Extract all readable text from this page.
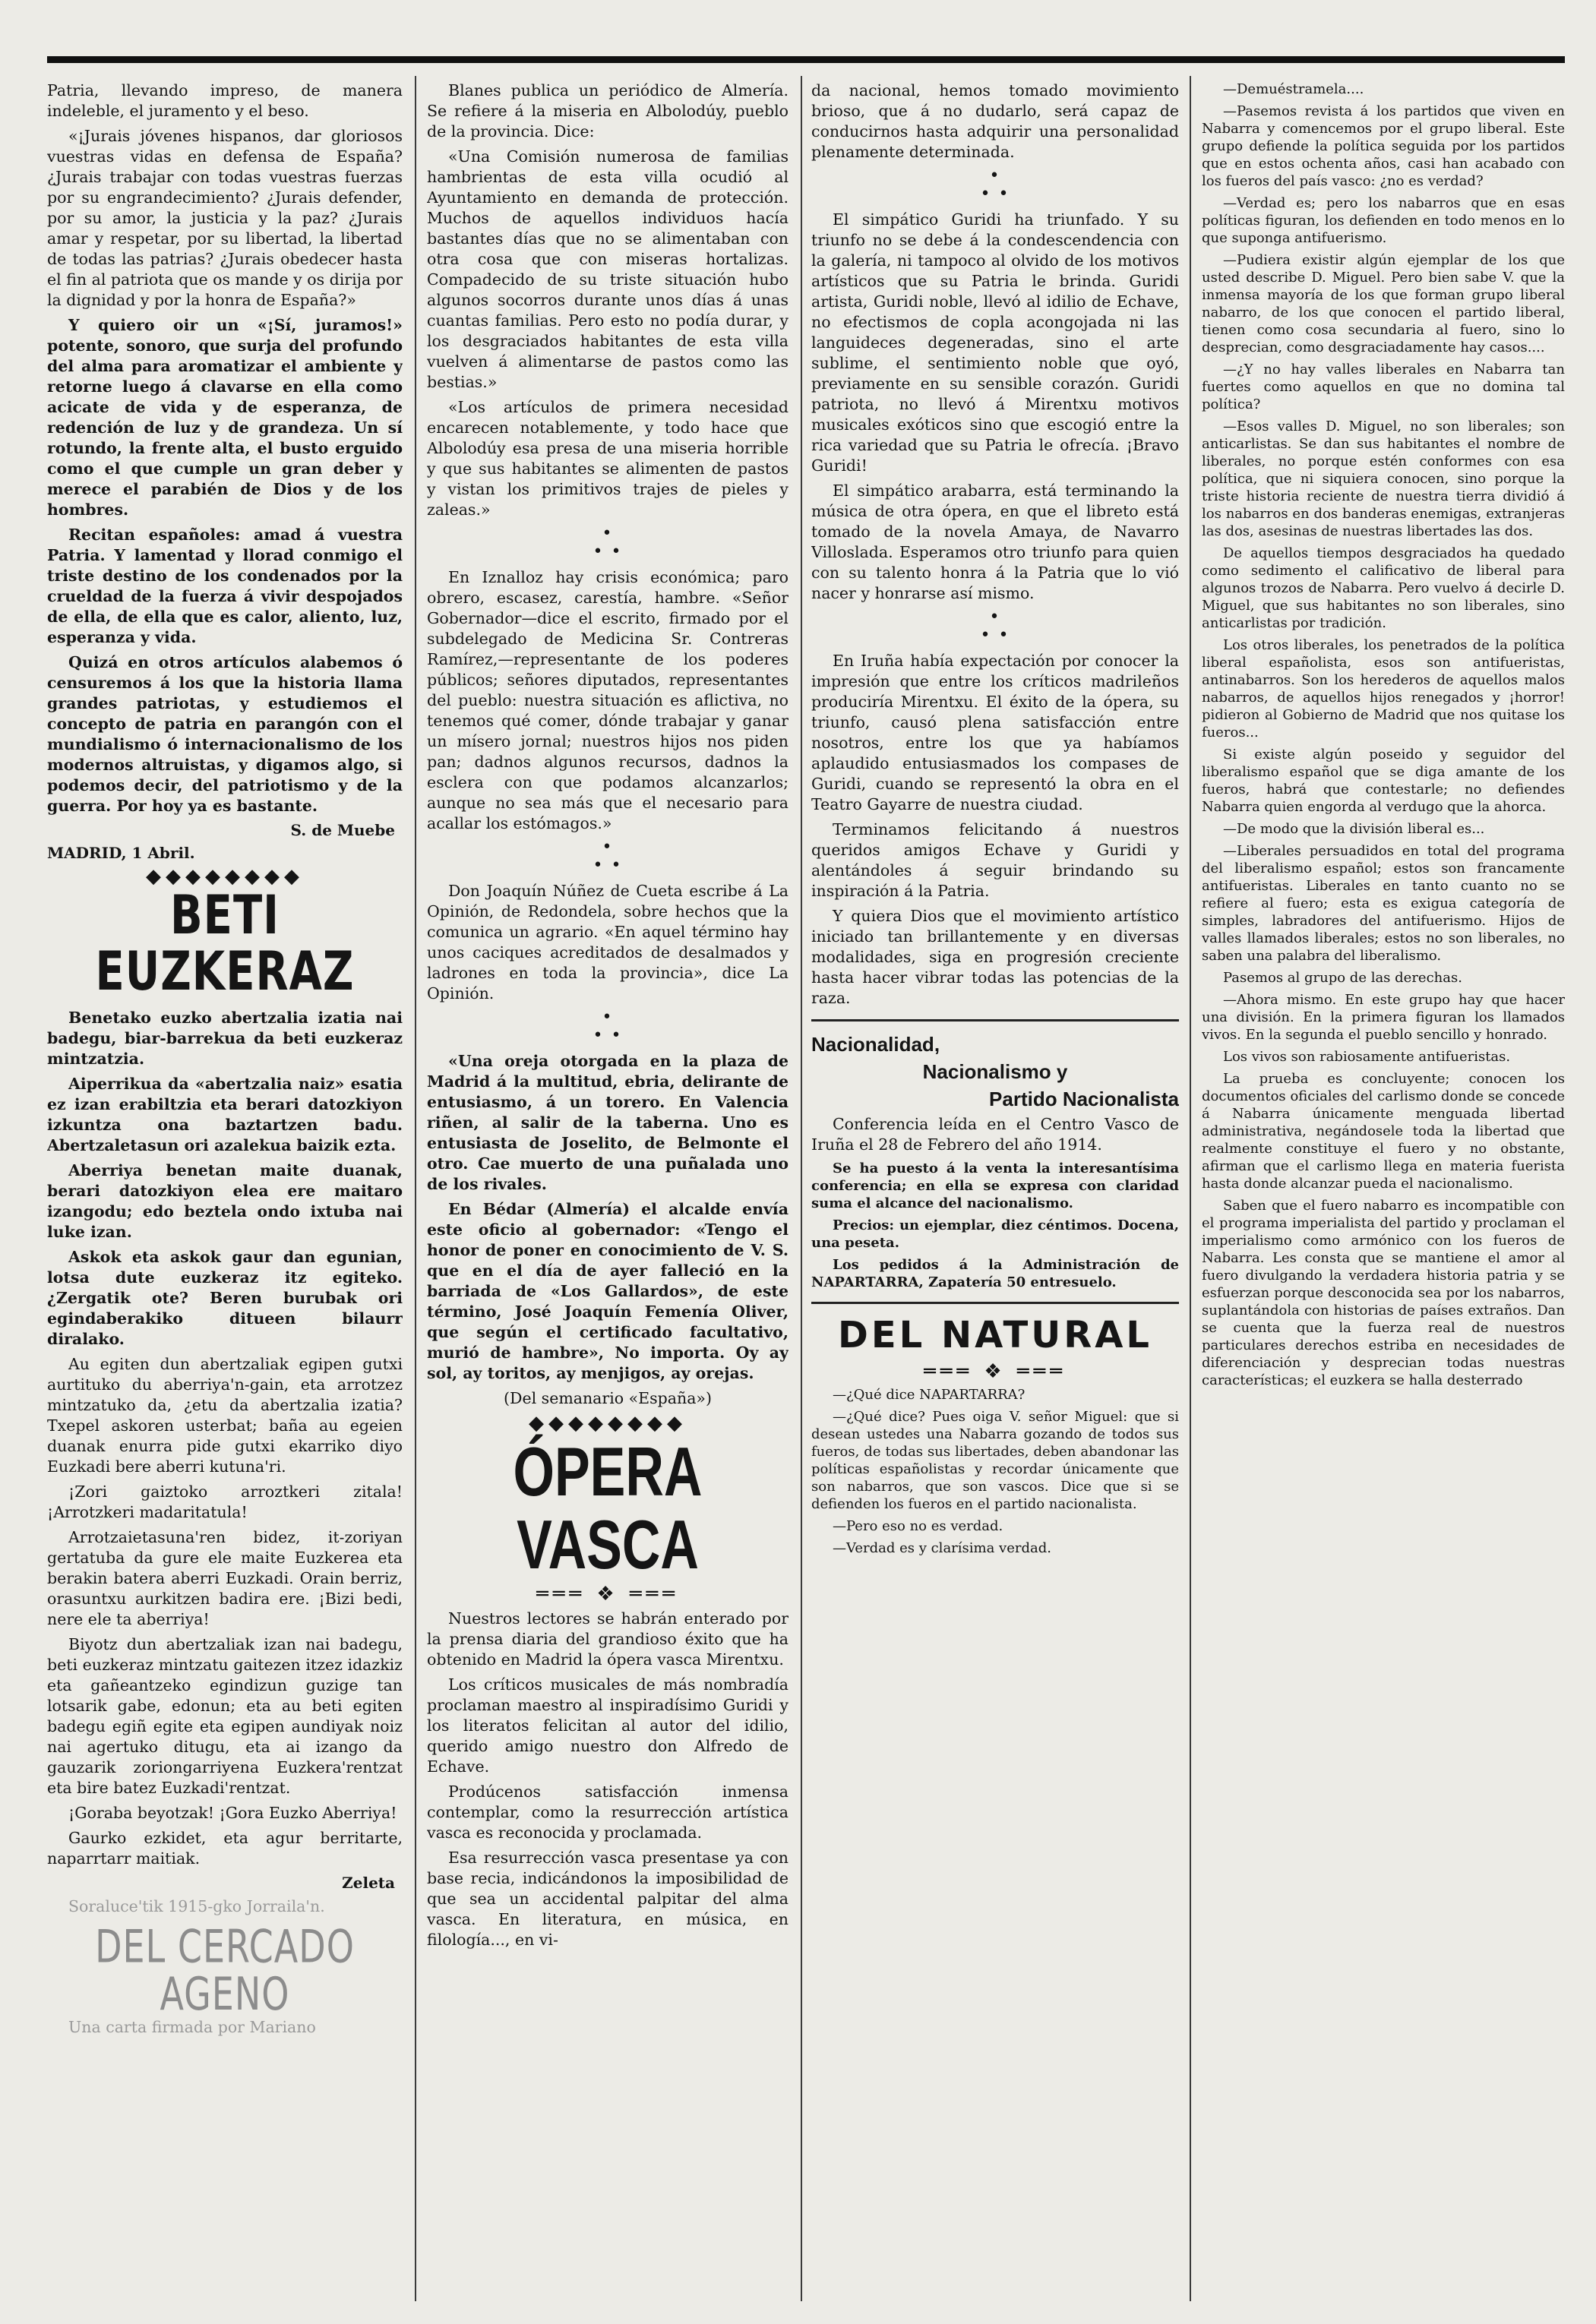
Patria, llevando impreso, de manera indeleble, el juramento y el beso.

«¡Jurais jóvenes hispanos, dar gloriosos vuestras vidas en defensa de España? ¿Jurais trabajar con todas vuestras fuerzas por su engrandecimiento? ¿Jurais defender, por su amor, la justicia y la paz? ¿Jurais amar y respetar, por su libertad, la libertad de todas las patrias? ¿Jurais obedecer hasta el fin al patriota que os mande y os dirija por la dignidad y por la honra de España?»

Y quiero oir un «¡Sí, juramos!» potente, sonoro, que surja del profundo del alma para aromatizar el ambiente y retorne luego á clavarse en ella como acicate de vida y de esperanza, de redención de luz y de grandeza. Un sí rotundo, la frente alta, el busto erguido como el que cumple un gran deber y merece el parabién de Dios y de los hombres.

Recitan españoles: amad á vuestra Patria. Y lamentad y llorad conmigo el triste destino de los condenados por la crueldad de la fuerza á vivir despojados de ella, de ella que es calor, aliento, luz, esperanza y vida.

Quizá en otros artículos alabemos ó censuremos á los que la historia llama grandes patriotas, y estudiemos el concepto de patria en parangón con el mundialismo ó internacionalismo de los modernos altruistas, y digamos algo, si podemos decir, del patriotismo y de la guerra. Por hoy ya es bastante.

S. de Muebe
MADRID, 1 Abril.
◆◆◆◆◆◆◆◆
BETI EUZKERAZ

Benetako euzko abertzalia izatia nai badegu, biar-barrekua da beti euzkeraz mintzatzia.

Aiperrikua da «abertzalia naiz» esatia ez izan erabiltzia eta berari datozkiyon izkuntza ona baztartzen badu. Abertzaletasun ori azalekua baizik ezta.

Aberriya benetan maite duanak, berari datozkiyon elea ere maitaro izangodu; edo beztela ondo ixtuba nai luke izan.

Askok eta askok gaur dan egunian, lotsa dute euzkeraz itz egiteko. ¿Zergatik ote? Beren burubak ori egindaberakiko ditueen bilaurr diralako.

Au egiten dun abertzaliak egipen gutxi aurtituko du aberriya'n-gain, eta arrotzez mintzatuko da, ¿etu da abertzalia izatia? Txepel askoren usterbat; baña au egeien duanak enurra pide gutxi ekarriko diyo Euzkadi bere aberri kutuna'ri.

¡Zori gaiztoko arroztkeri zitala! ¡Arrotzkeri madaritatula!

Arrotzaietasuna'ren bidez, it-zoriyan gertatuba da gure ele maite Euzkerea eta berakin batera aberri Euzkadi. Orain berriz, orasuntxu aurkitzen badira ere. ¡Bizi bedi, nere ele ta aberriya!

Biyotz dun abertzaliak izan nai badegu, beti euzkeraz mintzatu gaitezen itzez idazkiz eta gañeantzeko egindizun guzige tan lotsarik gabe, edonun; eta au beti egiten badegu egiñ egite eta egipen aundiyak noiz nai agertuko ditugu, eta ai izango da gauzarik zoriongarriyena Euzkera'rentzat eta bire batez Euzkadi'rentzat.

¡Goraba beyotzak! ¡Gora Euzko Aberriya!

Gaurko ezkidet, eta agur berritarte, naparrtarr maitiak.

Zeleta

Soraluce'tik 1915-gko Jorraila'n.

DEL CERCADO AGENO

Una carta firmada por Mariano

Blanes publica un periódico de Almería. Se refiere á la miseria en Albolodúy, pueblo de la provincia. Dice:

«Una Comisión numerosa de familias hambrientas de esta villa ocudió al Ayuntamiento en demanda de protección. Muchos de aquellos individuos hacía bastantes días que no se alimentaban con otra cosa que con miseras hortalizas. Compadecido de su triste situación hubo algunos socorros durante unos días á unas cuantas familias. Pero esto no podía durar, y los desgraciados habitantes de esta villa vuelven á alimentarse de pastos como las bestias.»

«Los artículos de primera necesidad encarecen notablemente, y todo hace que Albolodúy esa presa de una miseria horrible y que sus habitantes se alimenten de pastos y vistan los primitivos trajes de pieles y zaleas.»

•
• •

En Iznalloz hay crisis económica; paro obrero, escasez, carestía, hambre. «Señor Gobernador—dice el escrito, firmado por el subdelegado de Medicina Sr. Contreras Ramírez,—representante de los poderes públicos; señores diputados, representantes del pueblo: nuestra situación es aflictiva, no tenemos qué comer, dónde trabajar y ganar un mísero jornal; nuestros hijos nos piden pan; dadnos algunos recursos, dadnos la esclera con que podamos alcanzarlos; aunque no sea más que el necesario para acallar los estómagos.»

•
• •

Don Joaquín Núñez de Cueta escribe á La Opinión, de Redondela, sobre hechos que la comunica un agrario. «En aquel término hay unos caciques acreditados de desalmados y ladrones en toda la provincia», dice La Opinión.

•
• •

«Una oreja otorgada en la plaza de Madrid á la multitud, ebria, delirante de entusiasmo, á un torero. En Valencia riñen, al salir de la taberna. Uno es entusiasta de Joselito, de Belmonte el otro. Cae muerto de una puñalada uno de los rivales.

En Bédar (Almería) el alcalde envía este oficio al gobernador: «Tengo el honor de poner en conocimiento de V. S. que en el día de ayer falleció en la barriada de «Los Gallardos», de este término, José Joaquín Femenía Oliver, que según el certificado facultativo, murió de hambre», No importa. Oy ay sol, ay toritos, ay menjigos, ay orejas.

(Del semanario «España»)

◆◆◆◆◆◆◆◆
ÓPERA VASCA
═══ ❖ ═══

Nuestros lectores se habrán enterado por la prensa diaria del grandioso éxito que ha obtenido en Madrid la ópera vasca Mirentxu.

Los críticos musicales de más nombradía proclaman maestro al inspiradísimo Guridi y los literatos felicitan al autor del idilio, querido amigo nuestro don Alfredo de Echave.

Prodúcenos satisfacción inmensa contemplar, como la resurrección artística vasca es reconocida y proclamada.

Esa resurrección vasca presentase ya con base recia, indicándonos la imposibilidad de que sea un accidental palpitar del alma vasca. En literatura, en música, en filología..., en vi-

da nacional, hemos tomado movimiento brioso, que á no dudarlo, será capaz de conducirnos hasta adquirir una personalidad plenamente determinada.

•
• •

El simpático Guridi ha triunfado. Y su triunfo no se debe á la condescendencia con la galería, ni tampoco al olvido de los motivos artísticos que su Patria le brinda. Guridi artista, Guridi noble, llevó al idilio de Echave, no efectismos de copla acongojada ni las languideces degeneradas, sino el arte sublime, el sentimiento noble que oyó, previamente en su sensible corazón. Guridi patriota, no llevó á Mirentxu motivos musicales exóticos sino que escogió entre la rica variedad que su Patria le ofrecía. ¡Bravo Guridi!

El simpático arabarra, está terminando la música de otra ópera, en que el libreto está tomado de la novela Amaya, de Navarro Villoslada. Esperamos otro triunfo para quien con su talento honra á la Patria que lo vió nacer y honrarse así mismo.

•
• •

En Iruña había expectación por conocer la impresión que entre los críticos madrileños produciría Mirentxu. El éxito de la ópera, su triunfo, causó plena satisfacción entre nosotros, entre los que ya habíamos aplaudido entusiasmados los compases de Guridi, cuando se representó la obra en el Teatro Gayarre de nuestra ciudad.

Terminamos felicitando á nuestros queridos amigos Echave y Guridi y alentándoles á seguir brindando su inspiración á la Patria.

Y quiera Dios que el movimiento artístico iniciado tan brillantemente y en diversas modalidades, siga en progresión creciente hasta hacer vibrar todas las potencias de la raza.

Nacionalidad,
Nacionalismo y
Partido Nacionalista

Conferencia leída en el Centro Vasco de Iruña el 28 de Febrero del año 1914.

Se ha puesto á la venta la interesantísima conferencia; en ella se expresa con claridad suma el alcance del nacionalismo.

Precios: un ejemplar, diez céntimos. Docena, una peseta.

Los pedidos á la Administración de NAPARTARRA, Zapatería 50 entresuelo.

DEL NATURAL
═══ ❖ ═══

—¿Qué dice NAPARTARRA?

—¿Qué dice? Pues oiga V. señor Miguel: que si desean ustedes una Nabarra gozando de todos sus fueros, de todas sus libertades, deben abandonar las políticas españolistas y recordar únicamente que son nabarros, que son vascos. Dice que si se defienden los fueros en el partido nacionalista.

—Pero eso no es verdad.

—Verdad es y clarísima verdad.

—Demuéstramela....

—Pasemos revista á los partidos que viven en Nabarra y comencemos por el grupo liberal. Este grupo defiende la política seguida por los partidos que en estos ochenta años, casi han acabado con los fueros del país vasco: ¿no es verdad?

—Verdad es; pero los nabarros que en esas políticas figuran, los defienden en todo menos en lo que suponga antifuerismo.

—Pudiera existir algún ejemplar de los que usted describe D. Miguel. Pero bien sabe V. que la inmensa mayoría de los que forman grupo liberal nabarro, de los que conocen el partido liberal, tienen como cosa secundaria al fuero, sino lo desprecian, como desgraciadamente hay casos....

—¿Y no hay valles liberales en Nabarra tan fuertes como aquellos en que no domina tal política?

—Esos valles D. Miguel, no son liberales; son anticarlistas. Se dan sus habitantes el nombre de liberales, no porque estén conformes con esa política, que ni siquiera conocen, sino porque la triste historia reciente de nuestra tierra dividió á los nabarros en dos banderas enemigas, extranjeras las dos, asesinas de nuestras libertades las dos.

De aquellos tiempos desgraciados ha quedado como sedimento el calificativo de liberal para algunos trozos de Nabarra. Pero vuelvo á decirle D. Miguel, que sus habitantes no son liberales, sino anticarlistas por tradición.

Los otros liberales, los penetrados de la política liberal españolista, esos son antifueristas, antinabarros. Son los herederos de aquellos malos nabarros, de aquellos hijos renegados y ¡horror! pidieron al Gobierno de Madrid que nos quitase los fueros...

Si existe algún poseido y seguidor del liberalismo español que se diga amante de los fueros, habrá que contestarle; no defiendes Nabarra quien engorda al verdugo que la ahorca.

—De modo que la división liberal es...

—Liberales persuadidos en total del programa del liberalismo español; estos son francamente antifueristas. Liberales en tanto cuanto no se refiere al fuero; esta es exigua categoría de simples, labradores del antifuerismo. Hijos de valles llamados liberales; estos no son liberales, no saben una palabra del liberalismo.

Pasemos al grupo de las derechas.

—Ahora mismo. En este grupo hay que hacer una división. En la primera figuran los llamados vivos. En la segunda el pueblo sencillo y honrado.

Los vivos son rabiosamente antifueristas.

La prueba es concluyente; conocen los documentos oficiales del carlismo donde se concede á Nabarra únicamente menguada libertad administrativa, negándosele toda la libertad que realmente constituye el fuero y no obstante, afirman que el carlismo llega en materia fuerista hasta donde alcanzar pueda el nacionalismo.

Saben que el fuero nabarro es incompatible con el programa imperialista del partido y proclaman el imperialismo como armónico con los fueros de Nabarra. Les consta que se mantiene el amor al fuero divulgando la verdadera historia patria y se esfuerzan porque desconocida sea por los nabarros, suplantándola con historias de países extraños. Dan se cuenta que la fuerza real de nuestros particulares derechos estriba en necesidades de diferenciación y desprecian todas nuestras características; el euzkera se halla desterrado
